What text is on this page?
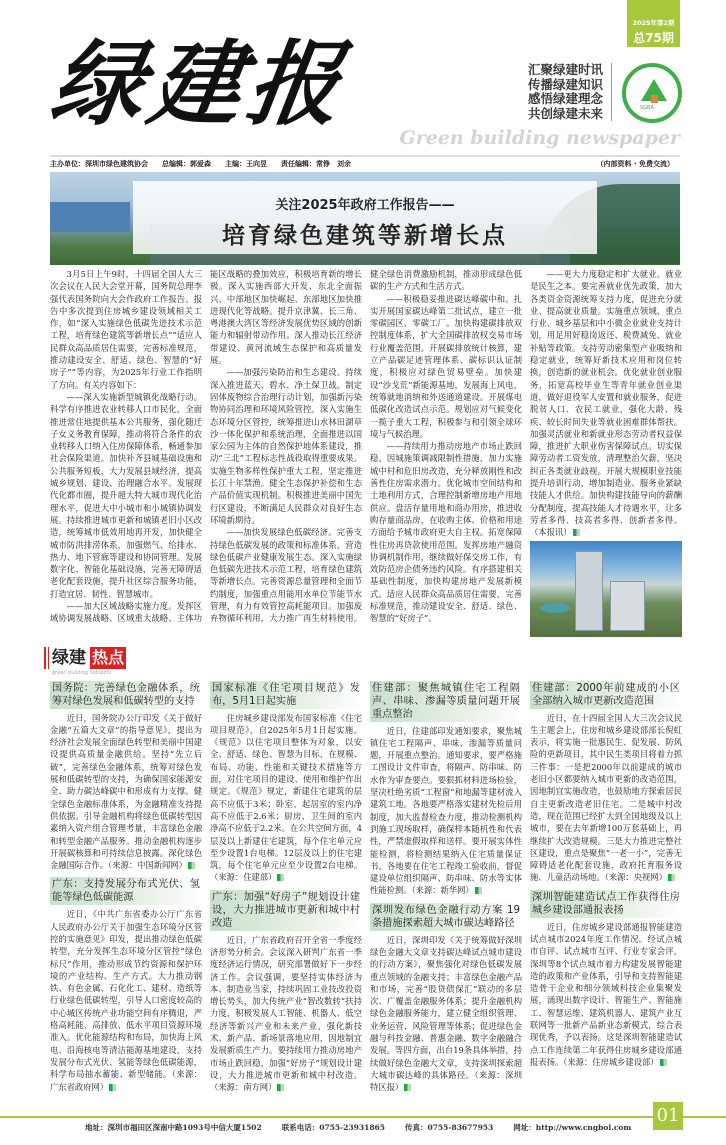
2025年第2期
总75期
绿建报	汇聚绿建时讯
传播绿建知识
感悟绿建理念
共创绿建未来	SGBA
Green building newspaper
主办单位：深圳市绿色建筑协会 总编辑：郭爱森 主编：王向昱 责任编辑：常铮　刘余	（内部资料 · 免费交流）
关注2025年政府工作报告——
培育绿色建筑等新增长点

3月5日上午9时，十四届全国人大三次会议在人民大会堂开幕，国务院总理李强代表国务院向大会作政府工作报告。报告中多次提到住房城乡建设领域相关工作，如“深入实施绿色低碳先进技术示范工程，培育绿色建筑等新增长点”“适应人民群众高品质居住需要，完善标准规范，推动建设安全、舒适、绿色、智慧的“好房子””等内容，为2025年行业工作指明了方向。有关内容如下：

——深入实施新型城镇化战略行动。科学有序推进农业转移人口市民化，全面推进常住地提供基本公共服务，强化随迁子女义务教育保障，推动将符合条件的农业转移人口纳入住房保障体系，畅通参加社会保险渠道。加快补齐县城基础设施和公共服务短板，大力发展县域经济，提高城乡规划、建设、治理融合水平。发展现代化都市圈，提升超大特大城市现代化治理水平，促进大中小城市和小城镇协调发展。持续推进城市更新和城镇老旧小区改造，统筹城市低效用地再开发，加快健全城市防洪排涝体系，加强燃气、给排水、热力、地下管廊等建设和协同管理。发展数字化、智能化基础设施，完善无障碍适老化配套设施，提升社区综合服务功能，打造宜居、韧性、智慧城市。

——加大区域战略实施力度。发挥区域协调发展战略、区域重大战略、主体功能区战略的叠加效应，积极培育新的增长极。深入实施西部大开发、东北全面振兴、中部地区加快崛起、东部地区加快推进现代化等战略。提升京津冀、长三角、粤港澳大湾区等经济发展优势区域的创新能力和辐射带动作用。深入推动长江经济带建设、黄河流域生态保护和高质量发展。

——加强污染防治和生态建设。持续深入推进蓝天、碧水、净土保卫战。制定固体废物综合治理行动计划，加强新污染物协同治理和环境风险管控。深入实施生态环境分区管控，统筹推进山水林田湖草沙一体化保护和系统治理，全面推进以国家公园为主体的自然保护地体系建设，推动“三北”工程标志性战役取得重要成果。实施生物多样性保护重大工程，坚定推进长江十年禁渔。健全生态保护补偿和生态产品价值实现机制。积极推进美丽中国先行区建设，不断满足人民群众对良好生态环境新期待。

——加快发展绿色低碳经济。完善支持绿色低碳发展的政策和标准体系，营造绿色低碳产业健康发展生态。深入实施绿色低碳先进技术示范工程，培育绿色建筑等新增长点。完善资源总量管理和全面节约制度，加强重点用能用水单位节能节水管理，有力有效管控高耗能项目。加强废弃物循环利用，大力推广再生材料使用。健全绿色消费激励机制，推动形成绿色低碳的生产方式和生活方式。

——积极稳妥推进碳达峰碳中和。扎实开展国家碳达峰第二批试点，建立一批零碳园区、零碳工厂。加快构建碳排放双控制度体系，扩大全国碳排放权交易市场行业覆盖范围。开展碳排放统计核算，建立产品碳足迹管理体系、碳标识认证制度，积极应对绿色贸易壁垒。加快建设“沙戈荒”新能源基地，发展海上风电，统筹就地消纳和外送通道建设。开展煤电低碳化改造试点示范。规划应对气候变化一揽子重大工程，积极参与和引领全球环境与气候治理。

——持续用力推动房地产市场止跌回稳。因城施策调减限制性措施，加力实施城中村和危旧房改造，充分释放刚性和改善性住房需求潜力。优化城市空间结构和土地利用方式，合理控制新增房地产用地供应。盘活存量用地和商办用房，推进收购存量商品房，在收购主体、价格和用途方面给予城市政府更大自主权。拓宽保障性住房再贷款使用范围。发挥房地产融资协调机制作用，继续做好保交房工作，有效防范房企债务违约风险。有序搭建相关基础性制度，加快构建房地产发展新模式。适应人民群众高品质居住需要，完善标准规范，推动建设安全、舒适、绿色、智慧的“好房子”。

——更大力度稳定和扩大就业。就业是民生之本。要完善就业优先政策，加大各类资金资源统筹支持力度，促进充分就业、提高就业质量。实施重点领域、重点行业、城乡基层和中小微企业就业支持计划，用足用好稳岗返还、税费减免、就业补贴等政策。支持劳动密集型产业吸纳和稳定就业，统筹好新技术应用和岗位转换，创造新的就业机会。优化就业创业服务，拓宽高校毕业生等青年就业创业渠道，做好退役军人安置和就业服务，促进脱贫人口、农民工就业，强化大龄、残疾、较长时间失业等就业困难群体帮扶。加强灵活就业和新就业形态劳动者权益保障，推进扩大职业伤害保障试点。切实保障劳动者工资发放，清理整治欠薪，坚决纠正各类就业歧视。开展大规模职业技能提升培训行动，增加制造业、服务业紧缺技能人才供给。加快构建技能导向的薪酬分配制度，提高技能人才待遇水平，让多劳者多得、技高者多得、创新者多得。（本报讯）

绿建 热点
green building hotspots
国务院：完善绿色金融体系，统筹对绿色发展和低碳转型的支持

近日，国务院办公厅印发《关于做好金融“五篇大文章”的指导意见》，提出为经济社会发展全面绿色转型和美丽中国建设提供高质量金融供给。坚持“先立后破”，完善绿色金融体系，统筹对绿色发展和低碳转型的支持，为确保国家能源安全、助力碳达峰碳中和形成有力支撑。健全绿色金融标准体系，为金融精准支持提供依据。引导金融机构将绿色低碳转型因素纳入资产组合管理考量，丰富绿色金融和转型金融产品服务。推动金融机构逐步开展碳核算和可持续信息披露。深化绿色金融国际合作。（来源：中国新闻网）

广东：支持发展分布式光伏、氢能等绿色低碳能源

近日，《中共广东省委办公厅广东省人民政府办公厅关于加强生态环境分区管控的实施意见》印发，提出推动绿色低碳转型，充分发挥生态环境分区管控“绿色标尺”作用，推动形成节约资源和保护环境的产业结构、生产方式。大力推动钢铁、有色金属、石化化工、建材、造纸等行业绿色低碳转型，引导人口密度较高的中心城区传统产业功能空间有序腾退，严格高耗能、高排放、低水平项目资源环境准入。优化能源结构和布局，加快海上风电、沿海核电等清洁能源基地建设，支持发展分布式光伏、氢能等绿色低碳能源，科学布局抽水蓄能、新型储能。（来源：广东省政府网）

国家标准《住宅项目规范》发布，5月1日起实施

住房城乡建设部发布国家标准《住宅项目规范》，自2025年5月1日起实施。《规范》以住宅项目整体为对象，以安全、舒适、绿色、智慧为目标，在规模、布局、功能、性能和关键技术措施等方面，对住宅项目的建设、使用和维护作出规定。《规范》规定，新建住宅建筑的层高不应低于3米；卧室、起居室的室内净高不应低于2.6米；厨房、卫生间的室内净高不应低于2.2米。在公共空间方面，4层及以上新建住宅建筑，每个住宅单元应至少设置1台电梯。12层及以上的住宅建筑，每个住宅单元应至少设置2台电梯。（来源：住建部）

广东：加强“好房子”规划设计建设，大力推进城市更新和城中村改造

近日，广东省政府召开全省一季度经济形势分析会。会议深入研判广东省一季度经济运行情况，研究部署做好下一步经济工作。会议强调，要坚持实体经济为本、制造业当家，持续巩固工业技改投资增长势头，加大传统产业“智改数转”扶持力度，积极发展人工智能、机器人、低空经济等新兴产业和未来产业，强化新技术、新产品、新场景落地应用，因地制宜发展新质生产力。要持续用力推动房地产市场止跌回稳，加强“好房子”规划设计建设，大力推进城市更新和城中村改造。（来源：南方网）

住建部：聚焦城镇住宅工程隔声、串味、渗漏等质量问题开展重点整治

近日，住建部印发通知要求，聚焦城镇住宅工程隔声、串味、渗漏等质量问题，开展重点整治。通知要求，要严格施工图设计文件审查，将隔声、防串味、防水作为审查要点。要狠抓材料进场检验，坚决杜绝劣质“工程窗”和地漏等建材流入建筑工地。各地要严格落实建材先检后用制度，加大监督检查力度，推动检测机构到施工现场取样，确保样本随机性和代表性，严禁虚假取样和送样。要开展实体性能检测，将检测结果纳入住宅质量保证书。各地要在住宅工程竣工验收前，督促建设单位组织隔声、防串味、防水等实体性能检测。（来源：新华网）

深圳发布绿色金融行动方案 19条措施探索超大城市碳达峰路径

近日，深圳印发《关于统筹做好深圳绿色金融大文章支持碳达峰试点城市建设的行动方案》，聚焦强化对绿色低碳发展重点领域的金融支持；丰富绿色金融产品和市场，完善“股贷债保汇”联动的多层次、广覆盖金融服务体系；提升金融机构绿色金融服务能力，建立健全组织管理、业务运营、风险管理等体系；促进绿色金融与科技金融、普惠金融、数字金融融合发展。等四方面，出台19条具体举措，持续做好绿色金融大文章，支持深圳探索超大城市碳达峰的具体路径。（来源：深圳特区报）

住建部：2000年前建成的小区全部纳入城市更新改造范围

近日，在十四届全国人大三次会议民生主题会上，住房和城乡建设部部长倪虹表示，将实施一批惠民生、促发展、防风险的更新项目，其中民生类项目将着力抓三件事：一是把2000年以前建成的城市老旧小区都要纳入城市更新的改造范围，因地制宜实施改造，也鼓励地方探索居民自主更新改造老旧住宅。二是城中村改造，现在范围已经扩大到全国地级及以上城市，要在去年新增100万套基础上，再继续扩大改造规模。三是大力推进完整社区建设，重点是聚焦“一老一小”，完善无障碍适老化配套设施，政府托育服务设施、儿童活动场地。（来源：央视网）

深圳智能建造试点工作获得住房城乡建设部通报表扬

近日，住房城乡建设部通报智能建造试点城市2024年度工作情况。经试点城市自评、试点城市互评、行业专家会评，深圳等8个试点城市着力构建发展智能建造的政策和产业体系，引导和支持智能建造骨干企业和细分领域科技企业集聚发展，涌现出数字设计、智能生产、智能施工、智慧运维、建筑机器人、建筑产业互联网等一批新产品新业态新模式，综合表现优秀，予以表扬。这是深圳智能建造试点工作连续第二年获得住房城乡建设部通报表扬。（来源：住房城乡建设部）

01
地址：深圳市福田区深南中路1093号中信大厦1502	联系电话：0755-23931865	传真：0755-83677953	网址：http://www.cngbol.com
